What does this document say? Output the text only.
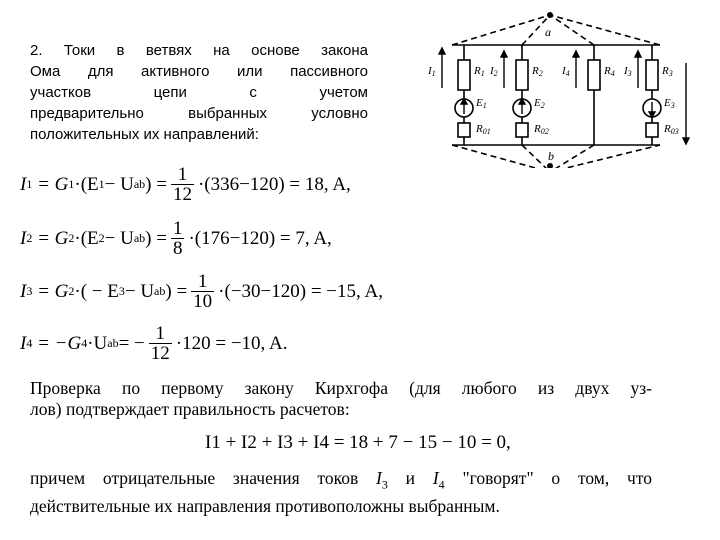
2. Токи в ветвях на основе закона
Ома для активного или пассивного
участков цепи с учетом
предварительно выбранных условно
положительных их направлений:
a
b
I1	I2	I4	I3
R1	R2	R4	R3
E1	E2	E3
R01	R02	R03
I 1
= G 1 ·(E 1 − U ab ) = $\frac{1}{12} \cdot(336-120) = 18$, A,
I 2
= G 2 ·(E 2 − U ab ) = $\frac{1}{8} \cdot(176-120) = 7$, A,
I 3
= G 2 ·( − E 3 − U ab ) = $\frac{1}{10} \cdot(-30-120) = -15$, A,
I 4
= −G 4 ·U ab = − $\frac{1}{12} \cdot 120 = -10$, A.
Проверка по первому закону Кирхгофа (для любого из двух уз-
лов) подтверждает правильность расчетов:
I1 + I2 + I3 + I4 = 18 + 7 − 15 − 10 = 0,
причем отрицательные значения токов $I_3$ и $I_4$ "говорят" о том, что
действительные их направления противоположны выбранным.
